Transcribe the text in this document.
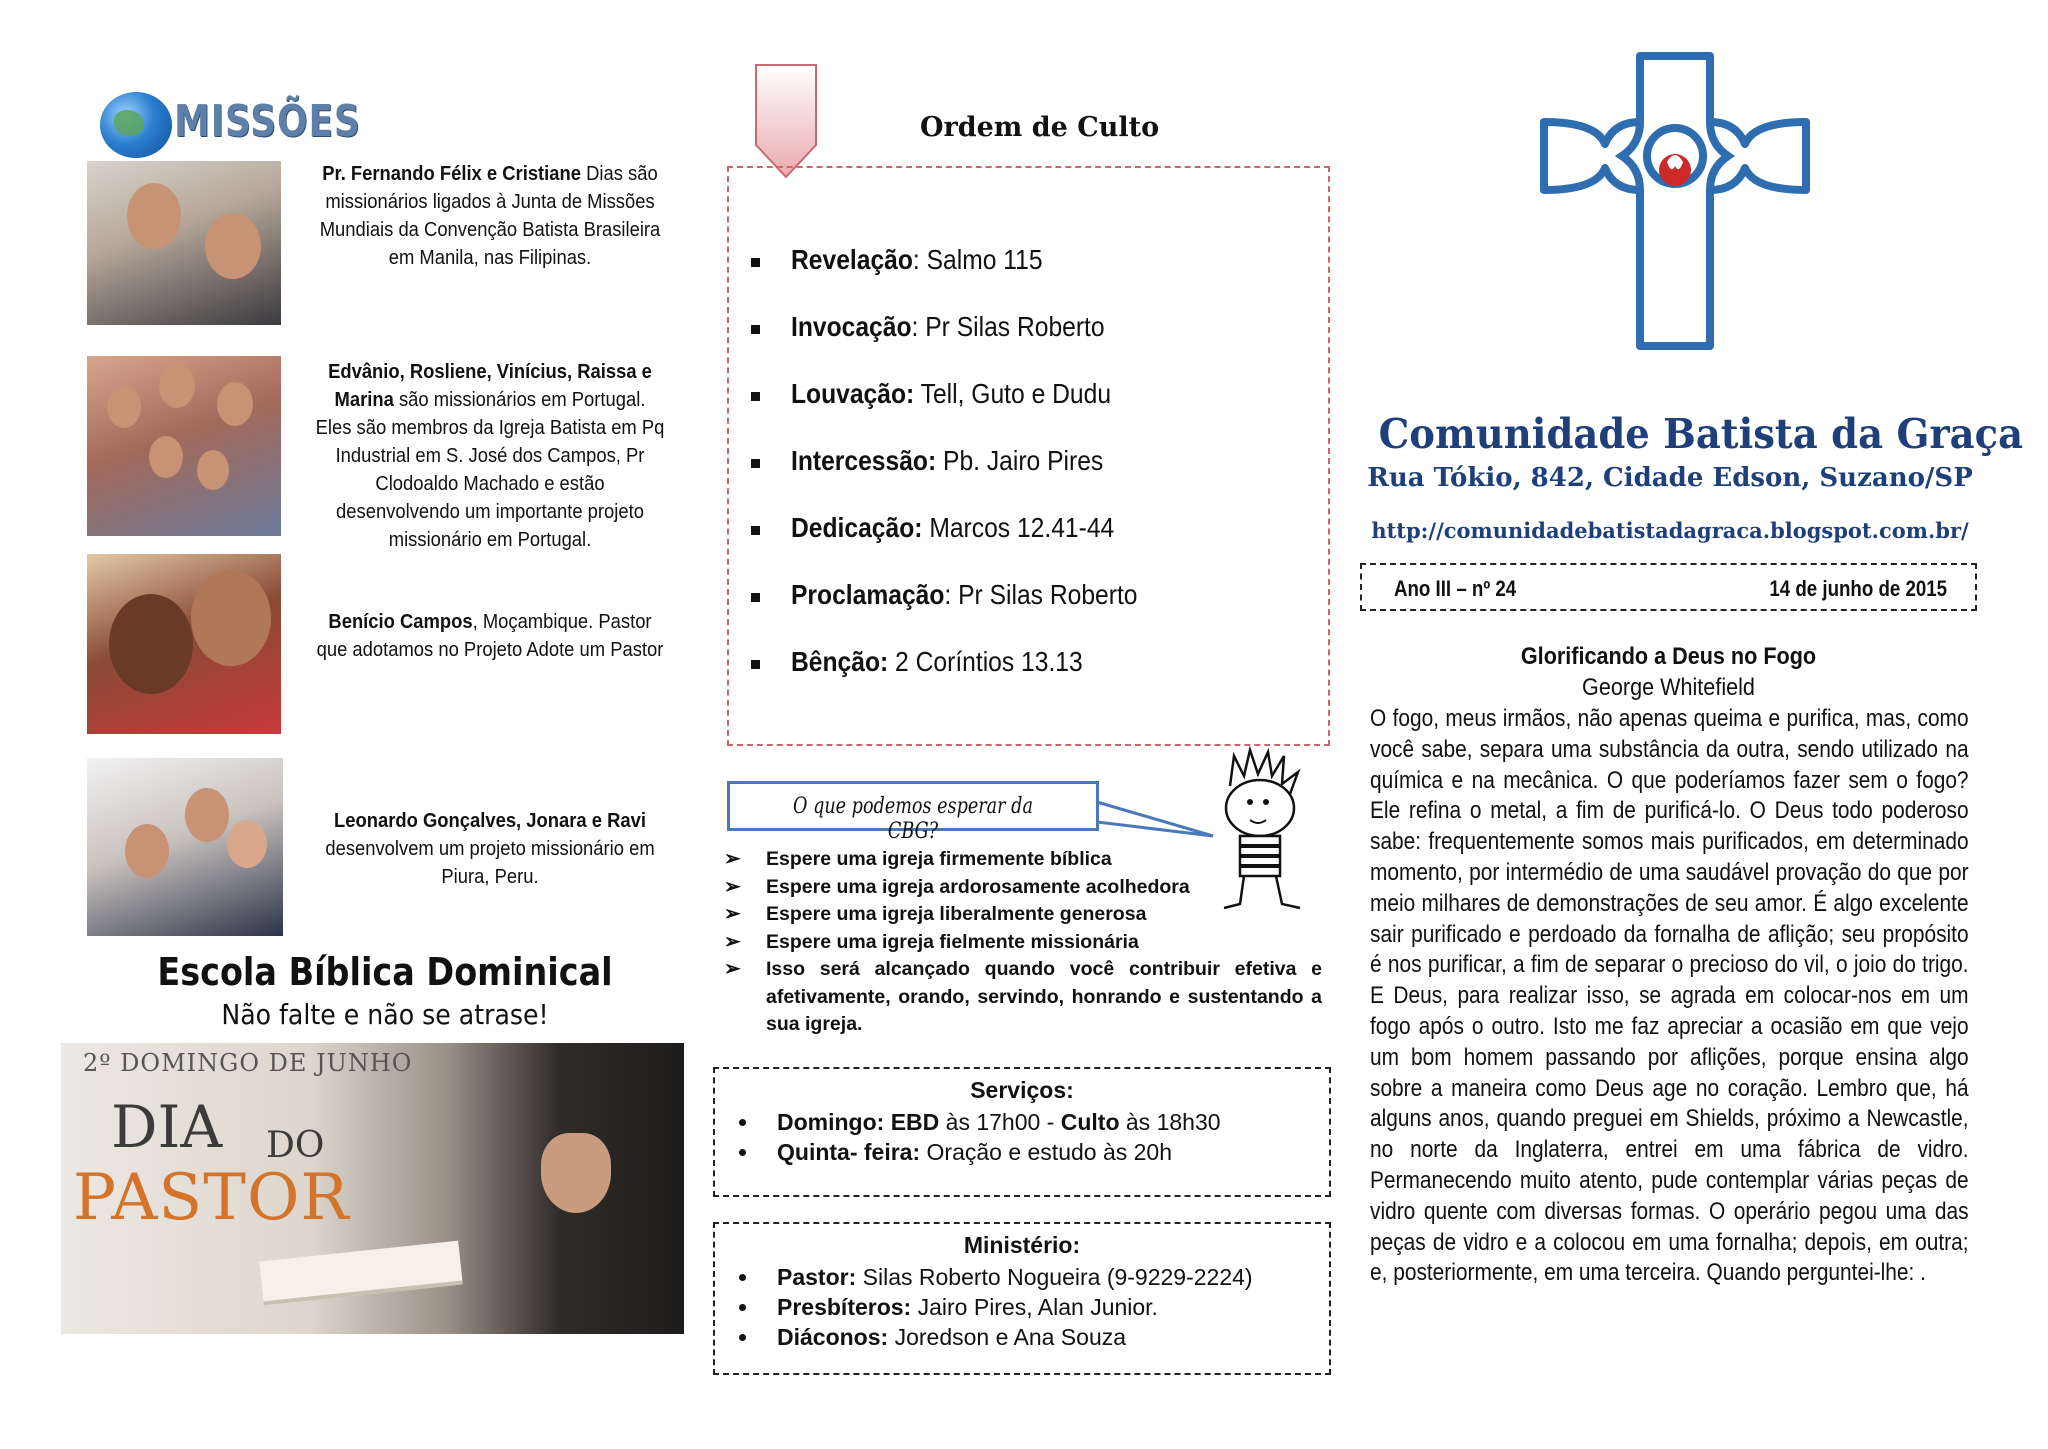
MISSÕES
Pr. Fernando Félix e Cristiane Dias são missionários ligados à Junta de Missões Mundiais da Convenção Batista Brasileira em Manila, nas Filipinas.
Edvânio, Rosliene, Vinícius, Raissa e Marina são missionários em Portugal. Eles são membros da Igreja Batista em Pq Industrial em S. José dos Campos, Pr Clodoaldo Machado e estão desenvolvendo um importante projeto missionário em Portugal.
Benício Campos, Moçambique. Pastor que adotamos no Projeto Adote um Pastor
Leonardo Gonçalves, Jonara e Ravi desenvolvem um projeto missionário em Piura, Peru.
Escola Bíblica Dominical
Não falte e não se atrase!
2º DOMINGO DE JUNHO
DIA DO
PASTOR
Ordem de Culto
Revelação: Salmo 115
Invocação: Pr Silas Roberto
Louvação: Tell, Guto e Dudu
Intercessão: Pb. Jairo Pires
Dedicação: Marcos 12.41-44
Proclamação: Pr Silas Roberto
Bênção: 2 Coríntios 13.13
O que podemos esperar da CBG?
➢ Espere uma igreja firmemente bíblica
➢ Espere uma igreja ardorosamente acolhedora
➢ Espere uma igreja liberalmente generosa
➢ Espere uma igreja fielmente missionária
➢ Isso será alcançado quando você contribuir efetiva e afetivamente, orando, servindo, honrando e sustentando a sua igreja.
Serviços:
Domingo: EBD às 17h00 - Culto às 18h30
Quinta- feira: Oração e estudo às 20h
Ministério:
Pastor: Silas Roberto Nogueira (9-9229-2224)
Presbíteros: Jairo Pires, Alan Junior.
Diáconos: Joredson e Ana Souza
Comunidade Batista da Graça
Rua Tókio, 842, Cidade Edson, Suzano/SP
http://comunidadebatistadagraca.blogspot.com.br/
Ano III – nº 24	14 de junho de 2015
Glorificando a Deus no Fogo
George Whitefield
O fogo, meus irmãos, não apenas queima e purifica, mas, como você sabe, separa uma substância da outra, sendo utilizado na química e na mecânica. O que poderíamos fazer sem o fogo? Ele refina o metal, a fim de purificá-lo. O Deus todo poderoso sabe: frequentemente somos mais purificados, em determinado momento, por intermédio de uma saudável provação do que por meio milhares de demonstrações de seu amor. É algo excelente sair purificado e perdoado da fornalha de aflição; seu propósito é nos purificar, a fim de separar o precioso do vil, o joio do trigo. E Deus, para realizar isso, se agrada em colocar-nos em um fogo após o outro. Isto me faz apreciar a ocasião em que vejo um bom homem passando por aflições, porque ensina algo sobre a maneira como Deus age no coração. Lembro que, há alguns anos, quando preguei em Shields, próximo a Newcastle, no norte da Inglaterra, entrei em uma fábrica de vidro. Permanecendo muito atento, pude contemplar várias peças de vidro quente com diversas formas. O operário pegou uma das peças de vidro e a colocou em uma fornalha; depois, em outra; e, posteriormente, em uma terceira. Quando perguntei-lhe: .
